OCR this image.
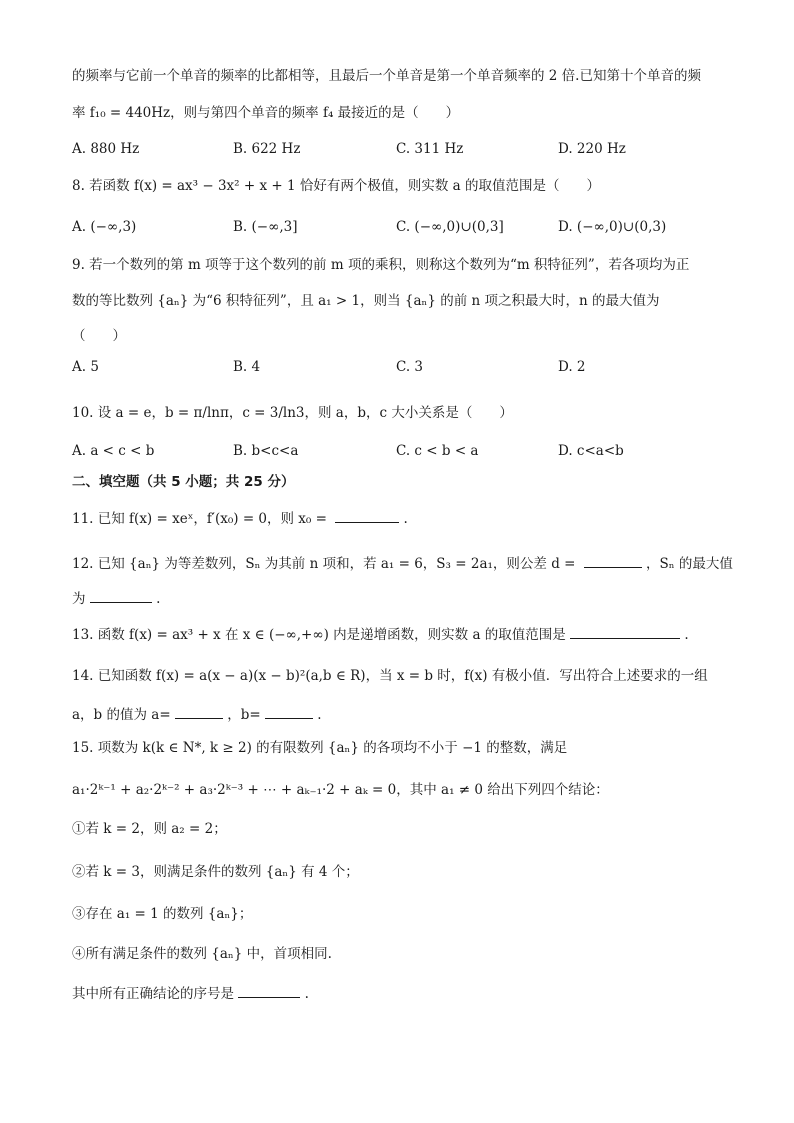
的频率与它前一个单音的频率的比都相等，且最后一个单音是第一个单音频率的 2 倍.已知第十个单音的频
率 f₁₀ = 440Hz，则与第四个单音的频率 f₄ 最接近的是（　　）
A. 880 Hz	B. 622 Hz	C. 311 Hz	D. 220 Hz
8. 若函数 f(x) = ax³ − 3x² + x + 1 恰好有两个极值，则实数 a 的取值范围是（　　）
A. (−∞,3)	B. (−∞,3]	C. (−∞,0)∪(0,3]	D. (−∞,0)∪(0,3)
9. 若一个数列的第 m 项等于这个数列的前 m 项的乘积，则称这个数列为“m 积特征列”，若各项均为正
数的等比数列 {aₙ} 为“6 积特征列”，且 a₁ > 1，则当 {aₙ} 的前 n 项之积最大时，n 的最大值为
（　　）
A. 5	B. 4	C. 3	D. 2
10. 设 a = e，b = π/lnπ，c = 3/ln3，则 a，b，c 大小关系是（　　）
A. a < c < b	B. b<c<a	C. c < b < a	D. c<a<b
二、填空题（共 5 小题；共 25 分）
11. 已知 f(x) = xeˣ，f′(x₀) = 0，则 x₀ =	.
12. 已知 {aₙ} 为等差数列，Sₙ 为其前 n 项和，若 a₁ = 6，S₃ = 2a₁，则公差 d =	，Sₙ 的最大值
为	.
13. 函数 f(x) = ax³ + x 在 x ∈ (−∞,+∞) 内是递增函数，则实数 a 的取值范围是	.
14. 已知函数 f(x) = a(x − a)(x − b)²(a,b ∈ R)，当 x = b 时，f(x) 有极小值．写出符合上述要求的一组
a，b 的值为 a=	，b=	.
15. 项数为 k(k ∈ N*, k ≥ 2) 的有限数列 {aₙ} 的各项均不小于 −1 的整数，满足
a₁·2ᵏ⁻¹ + a₂·2ᵏ⁻² + a₃·2ᵏ⁻³ + ⋯ + aₖ₋₁·2 + aₖ = 0，其中 a₁ ≠ 0 给出下列四个结论：
①若 k = 2，则 a₂ = 2；
②若 k = 3，则满足条件的数列 {aₙ} 有 4 个；
③存在 a₁ = 1 的数列 {aₙ}；
④所有满足条件的数列 {aₙ} 中，首项相同.
其中所有正确结论的序号是	.
